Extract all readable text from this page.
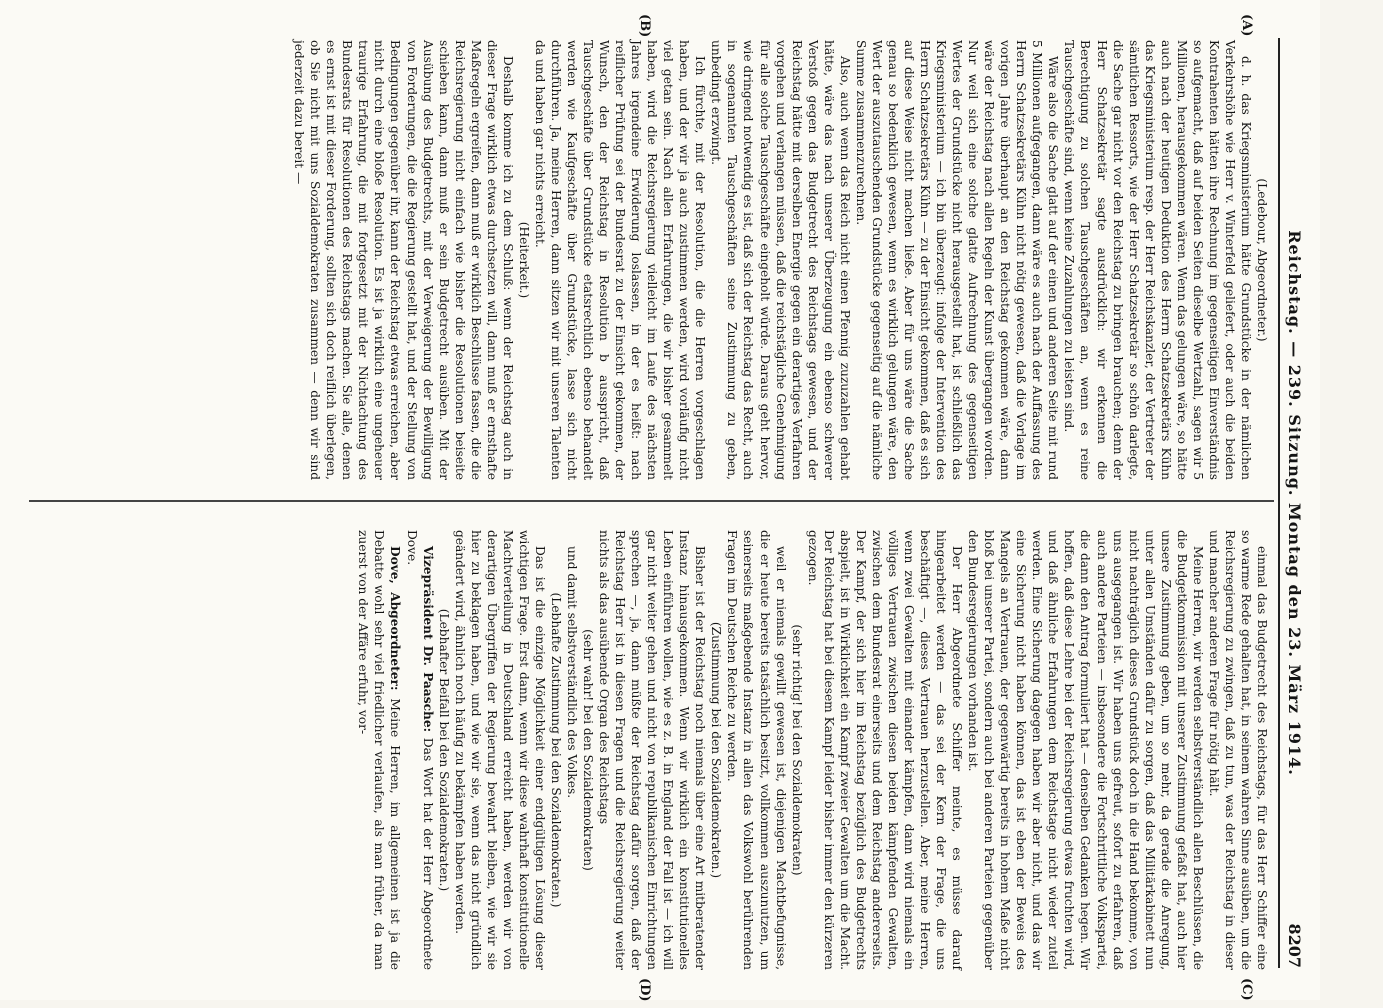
Reichstag. — 239. Sitzung. Montag den 23. März 1914.
8207
(A)
(B)
(C)
(D)

(Ledebour, Abgeordneter.)

d. h. das Kriegsministerium hätte Grundstücke in der nämlichen Verkehrshöhe wie Herr v. Winterfeld geliefert, oder auch die beiden Kontrahenten hätten ihre Rechnung im gegenseitigen Einverständnis so aufgemacht, daß auf beiden Seiten dieselbe Wertzahl, sagen wir 5 Millionen, herausgekommen wären. Wenn das gelungen wäre, so hätte auch nach der heutigen Deduktion des Herrn Schatzsekretärs Kühn das Kriegsministerium resp. der Herr Reichskanzler, der Vertreter der sämtlichen Ressorts, wie der Herr Schatzsekretär so schön darlegte, die Sache gar nicht vor den Reichstag zu bringen brauchen; denn der Herr Schatzsekretär sagte ausdrücklich: wir erkennen die Berechtigung zu solchen Tauschgeschäften an, wenn es reine Tauschgeschäfte sind, wenn keine Zuzahlungen zu leisten sind.

Wäre also die Sache glatt auf der einen und anderen Seite mit rund 5 Millionen aufgegangen, dann wäre es auch nach der Auffassung des Herrn Schatzsekretärs Kühn nicht nötig gewesen, daß die Vorlage im vorigen Jahre überhaupt an den Reichstag gekommen wäre, dann wäre der Reichstag nach allen Regeln der Kunst übergangen worden. Nur weil sich eine solche glatte Aufrechnung des gegenseitigen Wertes der Grundstücke nicht herausgestellt hat, ist schließlich das Kriegsministerium — ich bin überzeugt: infolge der Intervention des Herrn Schatzsekretärs Kühn — zu der Einsicht gekommen, daß es sich auf diese Weise nicht machen ließe. Aber für uns wäre die Sache genau so bedenklich gewesen, wenn es wirklich gelungen wäre, den Wert der auszutauschenden Grundstücke gegenseitig auf die nämliche Summe zusammenzurechnen.

Also, auch wenn das Reich nicht einen Pfennig zuzuzahlen gehabt hätte, wäre das nach unserer Überzeugung ein ebenso schwerer Verstoß gegen das Budgetrecht des Reichstags gewesen, und der Reichstag hätte mit derselben Energie gegen ein derartiges Verfahren vorgehen und verlangen müssen, daß die reichstägliche Genehmigung für alle solche Tauschgeschäfte eingeholt würde. Daraus geht hervor, wie dringend notwendig es ist, daß sich der Reichstag das Recht, auch in sogenannten Tauschgeschäften seine Zustimmung zu geben, unbedingt erzwingt.

Ich fürchte, mit der Resolution, die die Herren vorgeschlagen haben, und der wir ja auch zustimmen werden, wird vorläufig nicht viel getan sein. Nach allen Erfahrungen, die wir bisher gesammelt haben, wird die Reichsregierung vielleicht im Laufe des nächsten Jahres irgendeine Erwiderung loslassen, in der es heißt: nach reiflicher Prüfung sei der Bundesrat zu der Einsicht gekommen, der Wunsch, den der Reichstag in Resolution b ausspricht, daß Tauschgeschäfte über Grundstücke etatsrechtlich ebenso behandelt werden wie Kaufgeschäfte über Grundstücke, lasse sich nicht durchführen. Ja, meine Herren, dann sitzen wir mit unseren Talenten da und haben gar nichts erreicht.

(Heiterkeit.)

Deshalb komme ich zu dem Schluß: wenn der Reichstag auch in dieser Frage wirklich etwas durchsetzen will, dann muß er ernsthafte Maßregeln ergreifen, dann muß er wirklich Beschlüsse fassen, die die Reichsregierung nicht einfach wie bisher die Resolutionen beiseite schieben kann, dann muß er sein Budgetrecht ausüben. Mit der Ausübung des Budgetrechts, mit der Verweigerung der Bewilligung von Forderungen, die die Regierung gestellt hat, und der Stellung von Bedingungen gegenüber ihr, kann der Reichstag etwas erreichen, aber nicht durch eine bloße Resolution. Es ist ja wirklich eine ungeheuer traurige Erfahrung, die mit fortgesetzt mit der Nichtachtung des Bundesrats für Resolutionen des Reichstags machen. Sie alle, denen es ernst ist mit dieser Forderung, sollten sich doch reiflich überlegen, ob Sie nicht mit uns Sozialdemokraten zusammen — denn wir sind jederzeit dazu bereit —

einmal das Budgetrecht des Reichstags, für das Herr Schiffer eine so warme Rede gehalten hat, in seinem wahren Sinne ausüben, um die Reichsregierung zu zwingen, daß zu tun, was der Reichstag in dieser und mancher anderen Frage für nötig hält.

Meine Herren, wir werden selbstverständlich allen Beschlüssen, die die Budgetkommission mit unserer Zustimmung gefaßt hat, auch hier unsere Zustimmung geben, um so mehr, da gerade die Anregung, unter allen Umständen dafür zu sorgen, daß das Militärkabinett nun nicht nachträglich dieses Grundstück doch in die Hand bekomme, von uns ausgegangen ist. Wir haben uns gefreut, sofort zu erfahren, daß auch andere Parteien — insbesondere die Fortschrittliche Volkspartei, die dann den Antrag formuliert hat — denselben Gedanken hegen. Wir hoffen, daß diese Lehre bei der Reichsregierung etwas fruchten wird, und daß ähnliche Erfahrungen dem Reichstage nicht wieder zuteil werden. Eine Sicherung dagegen haben wir aber nicht, und das wir eine Sicherung nicht haben können, das ist eben der Beweis des Mangels an Vertrauen, der gegenwärtig bereits in hohem Maße nicht bloß bei unserer Partei, sondern auch bei anderen Parteien gegenüber den Bundesregierungen vorhanden ist.

Der Herr Abgeordnete Schiffer meinte, es müsse darauf hingearbeitet werden — das sei der Kern der Frage, die uns beschäftigt —, dieses Vertrauen herzustellen. Aber, meine Herren, wenn zwei Gewalten mit einander kämpfen, dann wird niemals ein völliges Vertrauen zwischen diesen beiden kämpfenden Gewalten, zwischen dem Bundesrat einerseits und dem Reichstag andererseits. Der Kampf, der sich hier im Reichstag bezüglich des Budgetrechts abspielt, ist in Wirklichkeit ein Kampf zweier Gewalten um die Macht. Der Reichstag hat bei diesem Kampf leider bisher immer den kürzeren gezogen.

(sehr richtig! bei den Sozialdemokraten)

weil er niemals gewillt gewesen ist, diejenigen Machtbefugnisse, die er heute bereits tatsächlich besitzt, vollkommen auszunutzen, um seinerseits maßgebende Instanz in allen das Volkswohl berührenden Fragen im Deutschen Reiche zu werden.

(Zustimmung bei den Sozialdemokraten.)

Bisher ist der Reichstag noch niemals über eine Art mitberatender Instanz hinausgekommen. Wenn wir wirklich ein konstitutionelles Leben einführen wollen, wie es z. B. in England der Fall ist — ich will gar nicht weiter gehen und nicht von republikanischen Einrichtungen sprechen —, ja, dann müßte der Reichstag dafür sorgen, daß der Reichstag Herr ist in diesen Fragen und die Reichsregierung weiter nichts als das ausübende Organ des Reichstags

(sehr wahr! bei den Sozialdemokraten)

und damit selbstverständlich des Volkes.

(Lebhafte Zustimmung bei den Sozialdemokraten.)

Das ist die einzige Möglichkeit einer endgültigen Lösung dieser wichtigen Frage. Erst dann, wenn wir diese wahrhaft konstitutionelle Machtverteilung in Deutschland erreicht haben, werden wir von derartigen Übergriffen der Regierung bewahrt bleiben, wie wir sie hier zu beklagen haben, und wie wir sie, wenn das nicht gründlich geändert wird, ähnlich noch häufig zu bekämpfen haben werden.

(Lebhafter Beifall bei den Sozialdemokraten.)

Vizepräsident Dr. Paasche: Das Wort hat der Herr Abgeordnete Dove.

Dove, Abgeordneter: Meine Herren, im allgemeinen ist ja die Debatte wohl sehr viel friedlicher verlaufen, als man früher, da man zuerst von der Affäre erfuhr, vor-
